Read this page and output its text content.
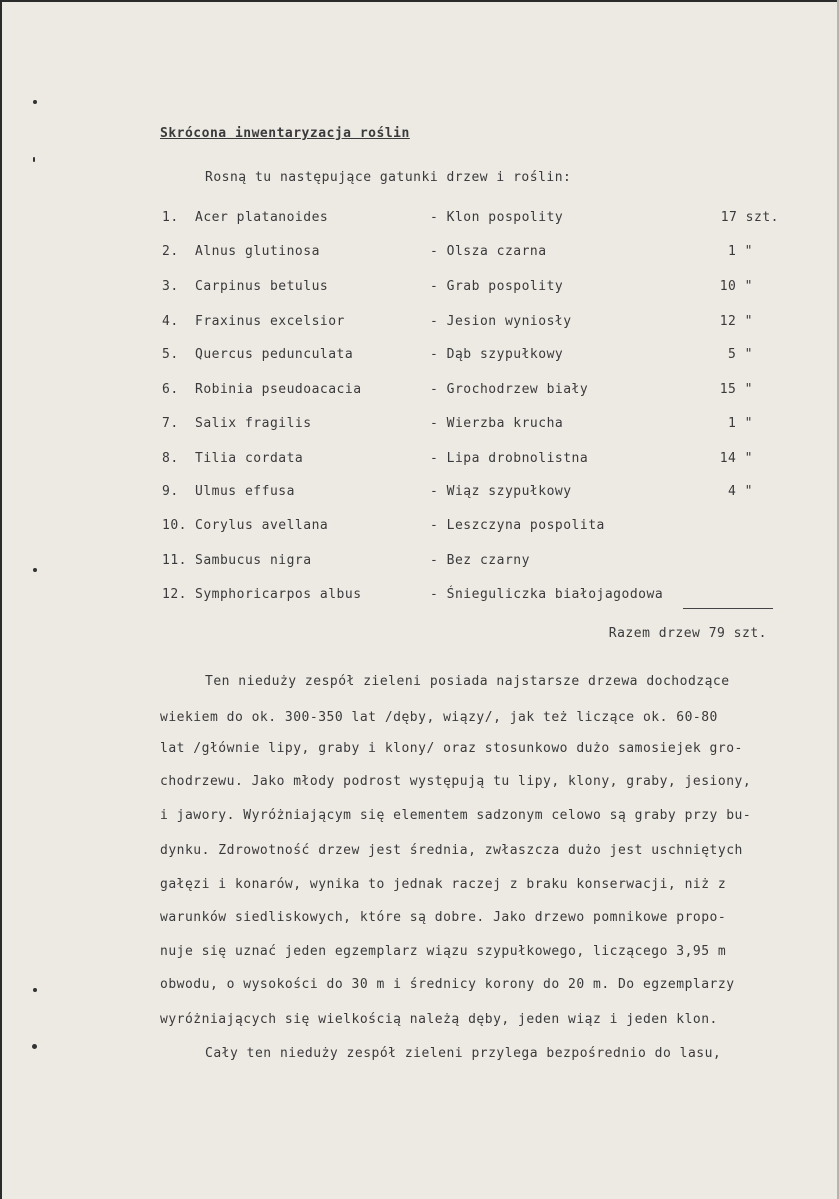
Skrócona inwentaryzacja roślin
Rosną tu następujące gatunki drzew i roślin:
1.	Acer platanoides	- Klon pospolity	17 szt.
2.	Alnus glutinosa	- Olsza czarna	1 "
3.	Carpinus betulus	- Grab pospolity	10 "
4.	Fraxinus excelsior	- Jesion wyniosły	12 "
5.	Quercus pedunculata	- Dąb szypułkowy	5 "
6.	Robinia pseudoacacia	- Grochodrzew biały	15 "
7.	Salix fragilis	- Wierzba krucha	1 "
8.	Tilia cordata	- Lipa drobnolistna	14 "
9.	Ulmus effusa	- Wiąz szypułkowy	4 "
10. Corylus avellana	- Leszczyna pospolita
11. Sambucus nigra	- Bez czarny
12. Symphoricarpos albus	- Śnieguliczka białojagodowa
Razem drzew 79 szt.
Ten niedużу zespół zieleni posiada najstarsze drzewa dochodzące
wiekiem do ok. 300-350 lat /dęby, wiązy/, jak też liczące ok. 60-80
lat /głównie lipy, graby i klony/ oraz stosunkowo dużo samosiejek gro-
chodrzewu. Jako młody podrost występują tu lipy, klony, graby, jesiony,
i jawory. Wyróżniającym się elementem sadzonym celowo są graby przy bu-
dynku. Zdrowotność drzew jest średnia, zwłaszcza dużo jest uschniętych
gałęzi i konarów, wynika to jednak raczej z braku konserwacji, niż z
warunków siedliskowych, które są dobre. Jako drzewo pomnikowe propo-
nuje się uznać jeden egzemplarz wiązu szypułkowego, liczącego 3,95 m
obwodu, o wysokości do 30 m i średnicy korony do 20 m. Do egzemplarzy
wyróżniających się wielkością należą dęby, jeden wiąz i jeden klon.
Cały ten nieduży zespół zieleni przylega bezpośrednio do lasu,
